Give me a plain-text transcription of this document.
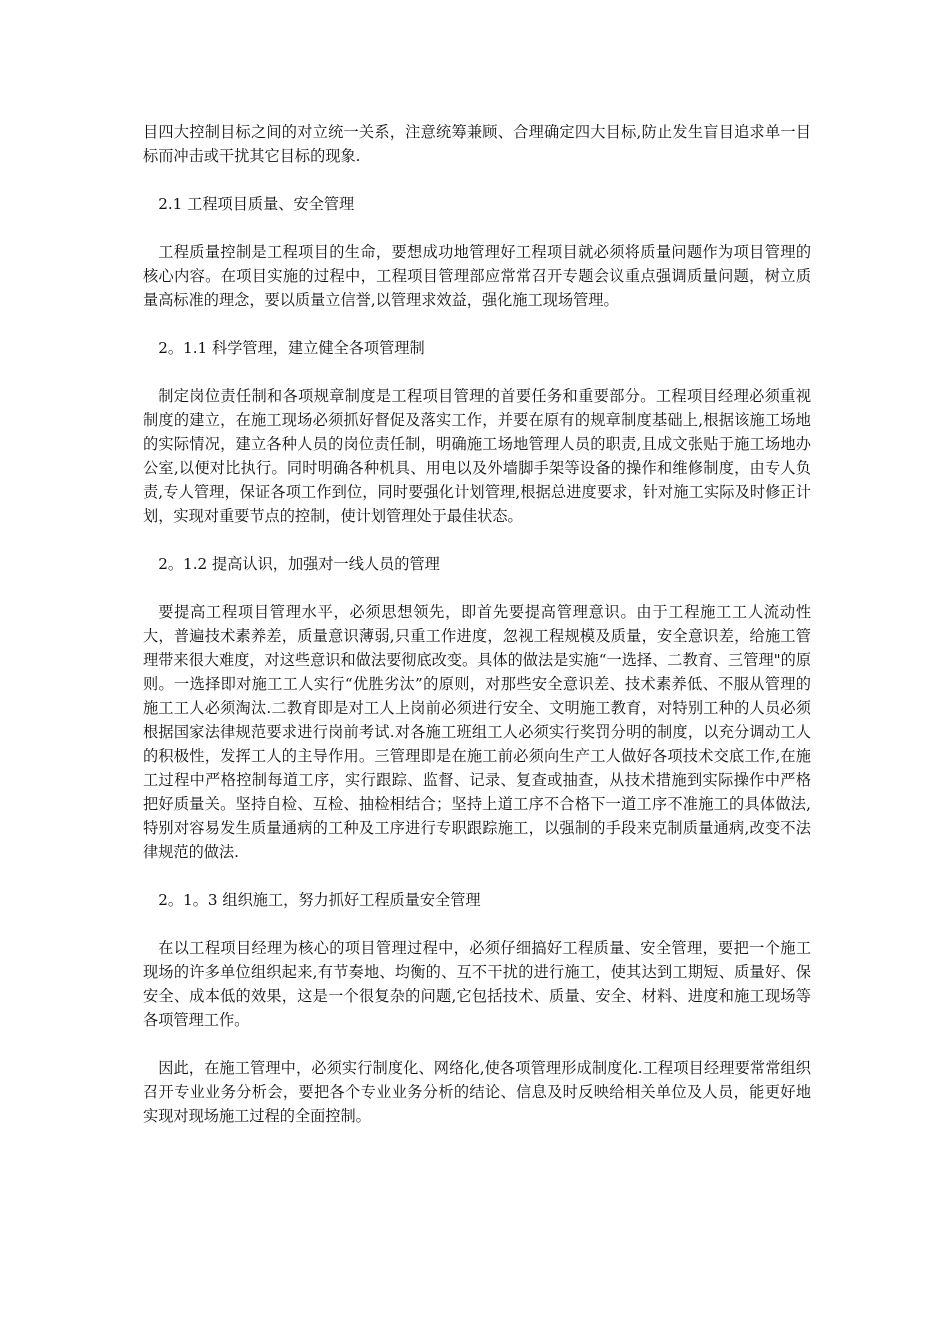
目四大控制目标之间的对立统一关系，注意统筹兼顾、合理确定四大目标,防止发生盲目追求单一目标而冲击或干扰其它目标的现象.

2.1 工程项目质量、安全管理

工程质量控制是工程项目的生命，要想成功地管理好工程项目就必须将质量问题作为项目管理的核心内容。在项目实施的过程中，工程项目管理部应常常召开专题会议重点强调质量问题，树立质量高标准的理念，要以质量立信誉,以管理求效益，强化施工现场管理。

2。1.1 科学管理，建立健全各项管理制

制定岗位责任制和各项规章制度是工程项目管理的首要任务和重要部分。工程项目经理必须重视制度的建立，在施工现场必须抓好督促及落实工作，并要在原有的规章制度基础上,根据该施工场地的实际情况，建立各种人员的岗位责任制，明确施工场地管理人员的职责,且成文张贴于施工场地办公室,以便对比执行。同时明确各种机具、用电以及外墙脚手架等设备的操作和维修制度，由专人负责,专人管理，保证各项工作到位，同时要强化计划管理,根据总进度要求，针对施工实际及时修正计划，实现对重要节点的控制，使计划管理处于最佳状态。

2。1.2 提高认识，加强对一线人员的管理

要提高工程项目管理水平，必须思想领先，即首先要提高管理意识。由于工程施工工人流动性大，普遍技术素养差，质量意识薄弱,只重工作进度，忽视工程规模及质量，安全意识差，给施工管理带来很大难度，对这些意识和做法要彻底改变。具体的做法是实施“一选择、二教育、三管理"的原则。一选择即对施工工人实行“优胜劣汰”的原则，对那些安全意识差、技术素养低、不服从管理的施工工人必须淘汰.二教育即是对工人上岗前必须进行安全、文明施工教育，对特别工种的人员必须根据国家法律规范要求进行岗前考试.对各施工班组工人必须实行奖罚分明的制度，以充分调动工人的积极性，发挥工人的主导作用。三管理即是在施工前必须向生产工人做好各项技术交底工作,在施工过程中严格控制每道工序，实行跟踪、监督、记录、复查或抽查，从技术措施到实际操作中严格把好质量关。坚持自检、互检、抽检相结合；坚持上道工序不合格下一道工序不准施工的具体做法,特别对容易发生质量通病的工种及工序进行专职跟踪施工，以强制的手段来克制质量通病,改变不法律规范的做法.

2。1。3 组织施工，努力抓好工程质量安全管理

在以工程项目经理为核心的项目管理过程中，必须仔细搞好工程质量、安全管理，要把一个施工现场的许多单位组织起来,有节奏地、均衡的、互不干扰的进行施工，使其达到工期短、质量好、保安全、成本低的效果，这是一个很复杂的问题,它包括技术、质量、安全、材料、进度和施工现场等各项管理工作。

因此，在施工管理中，必须实行制度化、网络化,使各项管理形成制度化.工程项目经理要常常组织召开专业业务分析会，要把各个专业业务分析的结论、信息及时反映给相关单位及人员，能更好地实现对现场施工过程的全面控制。
